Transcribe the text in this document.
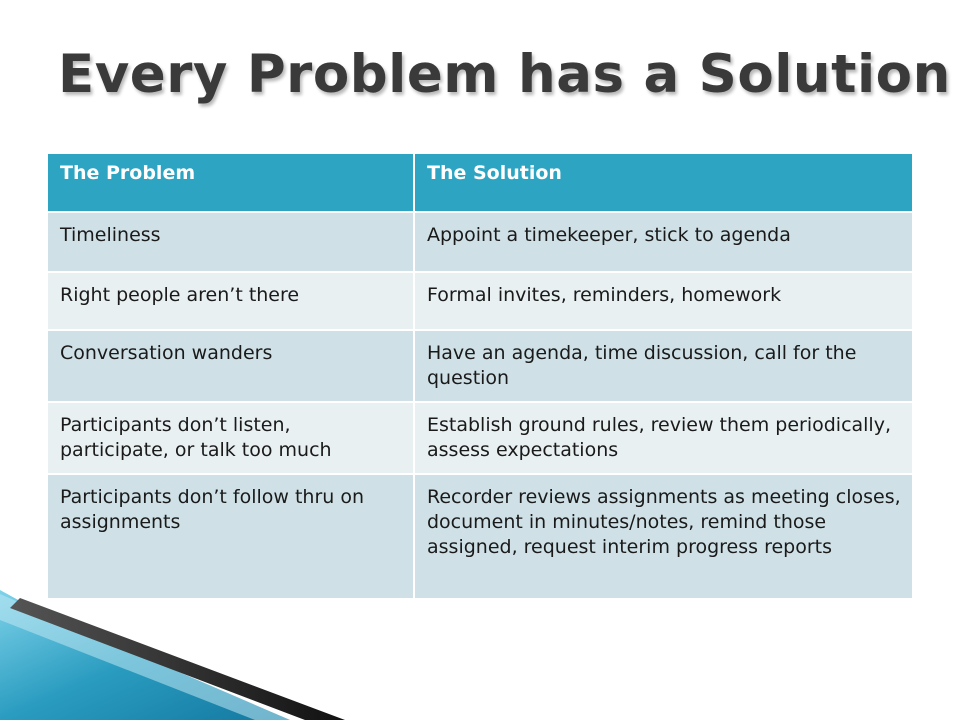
Every Problem has a Solution
The Problem	The Solution
Timeliness	Appoint a timekeeper, stick to agenda
Right people aren’t there	Formal invites, reminders, homework
Conversation wanders	Have an agenda, time discussion, call for the question
Participants don’t listen, participate, or talk too much	Establish ground rules, review them periodically, assess expectations
Participants don’t follow thru on assignments	Recorder reviews assignments as meeting closes, document in minutes/notes, remind those assigned, request interim progress reports
